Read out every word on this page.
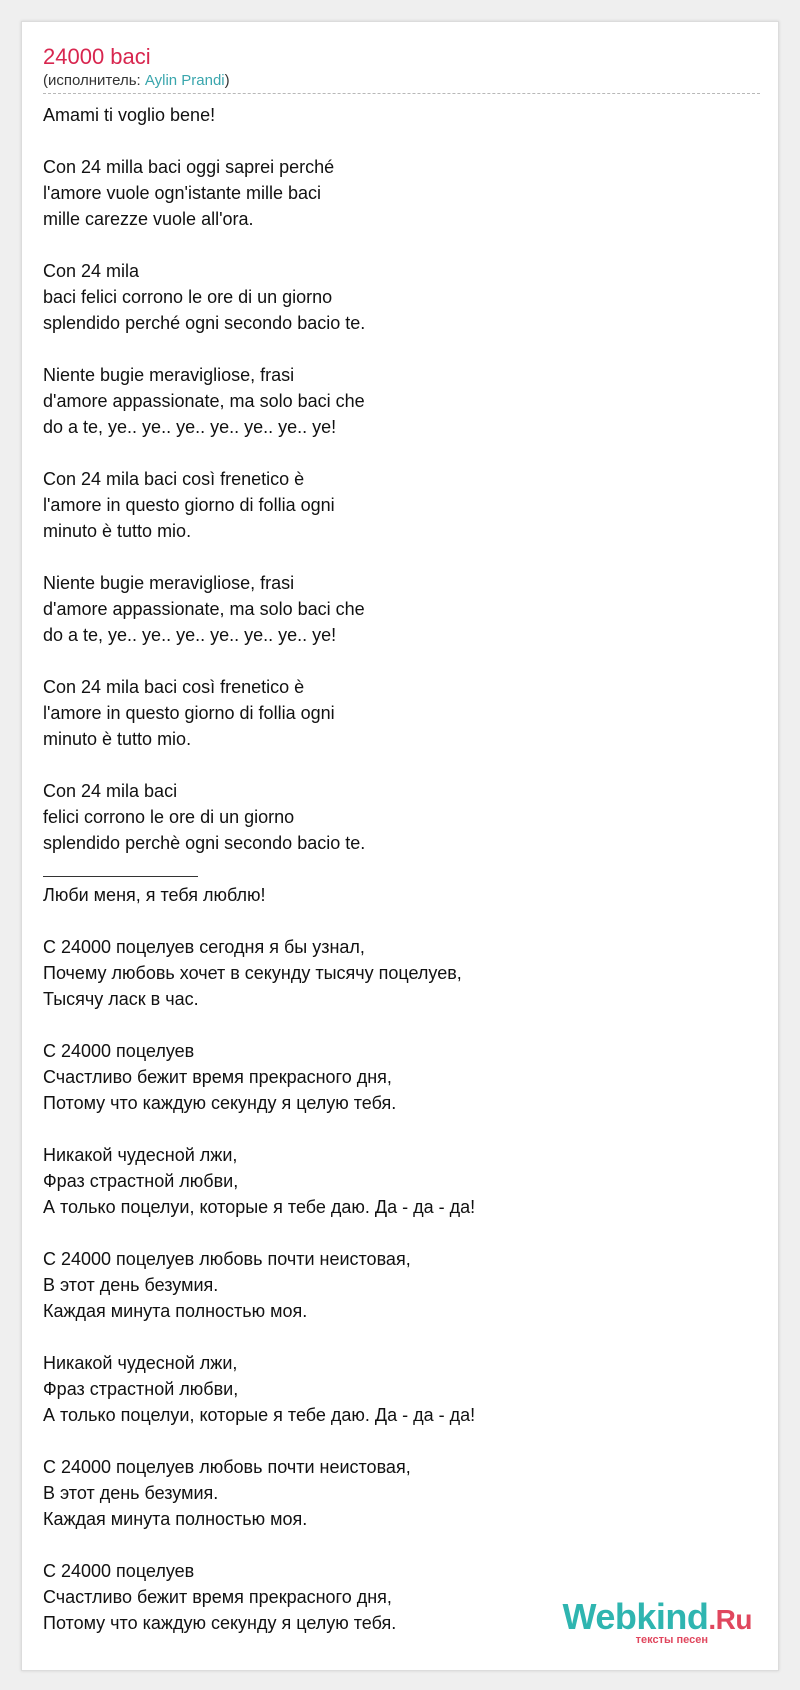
24000 baci
(исполнитель: Aylin Prandi)
Amami ti voglio bene!
Con 24 milla baci oggi saprei perché
l'amore vuole ogn'istante mille baci
mille carezze vuole all'ora.
Con 24 mila
baci felici corrono le ore di un giorno
splendido perché ogni secondo bacio te.
Niente bugie meravigliose, frasi
d'amore appassionate, ma solo baci che
do a te, ye.. ye.. ye.. ye.. ye.. ye.. ye!
Con 24 mila baci così frenetico è
l'amore in questo giorno di follia ogni
minuto è tutto mio.
Niente bugie meravigliose, frasi
d'amore appassionate, ma solo baci che
do a te, ye.. ye.. ye.. ye.. ye.. ye.. ye!
Con 24 mila baci così frenetico è
l'amore in questo giorno di follia ogni
minuto è tutto mio.
Con 24 mila baci
felici corrono le ore di un giorno
splendido perchè ogni secondo bacio te.
Люби меня, я тебя люблю!
С 24000 поцелуев сегодня я бы узнал,
Почему любовь хочет в секунду тысячу поцелуев,
Тысячу ласк в час.
С 24000 поцелуев
Счастливо бежит время прекрасного дня,
Потому что каждую секунду я целую тебя.
Никакой чудесной лжи,
Фраз страстной любви,
А только поцелуи, которые я тебе даю. Да - да - да!
С 24000 поцелуев любовь почти неистовая,
В этот день безумия.
Каждая минута полностью моя.
Никакой чудесной лжи,
Фраз страстной любви,
А только поцелуи, которые я тебе даю. Да - да - да!
С 24000 поцелуев любовь почти неистовая,
В этот день безумия.
Каждая минута полностью моя.
С 24000 поцелуев
Счастливо бежит время прекрасного дня,
Потому что каждую секунду я целую тебя.	Webkind.Ru
тексты песен
